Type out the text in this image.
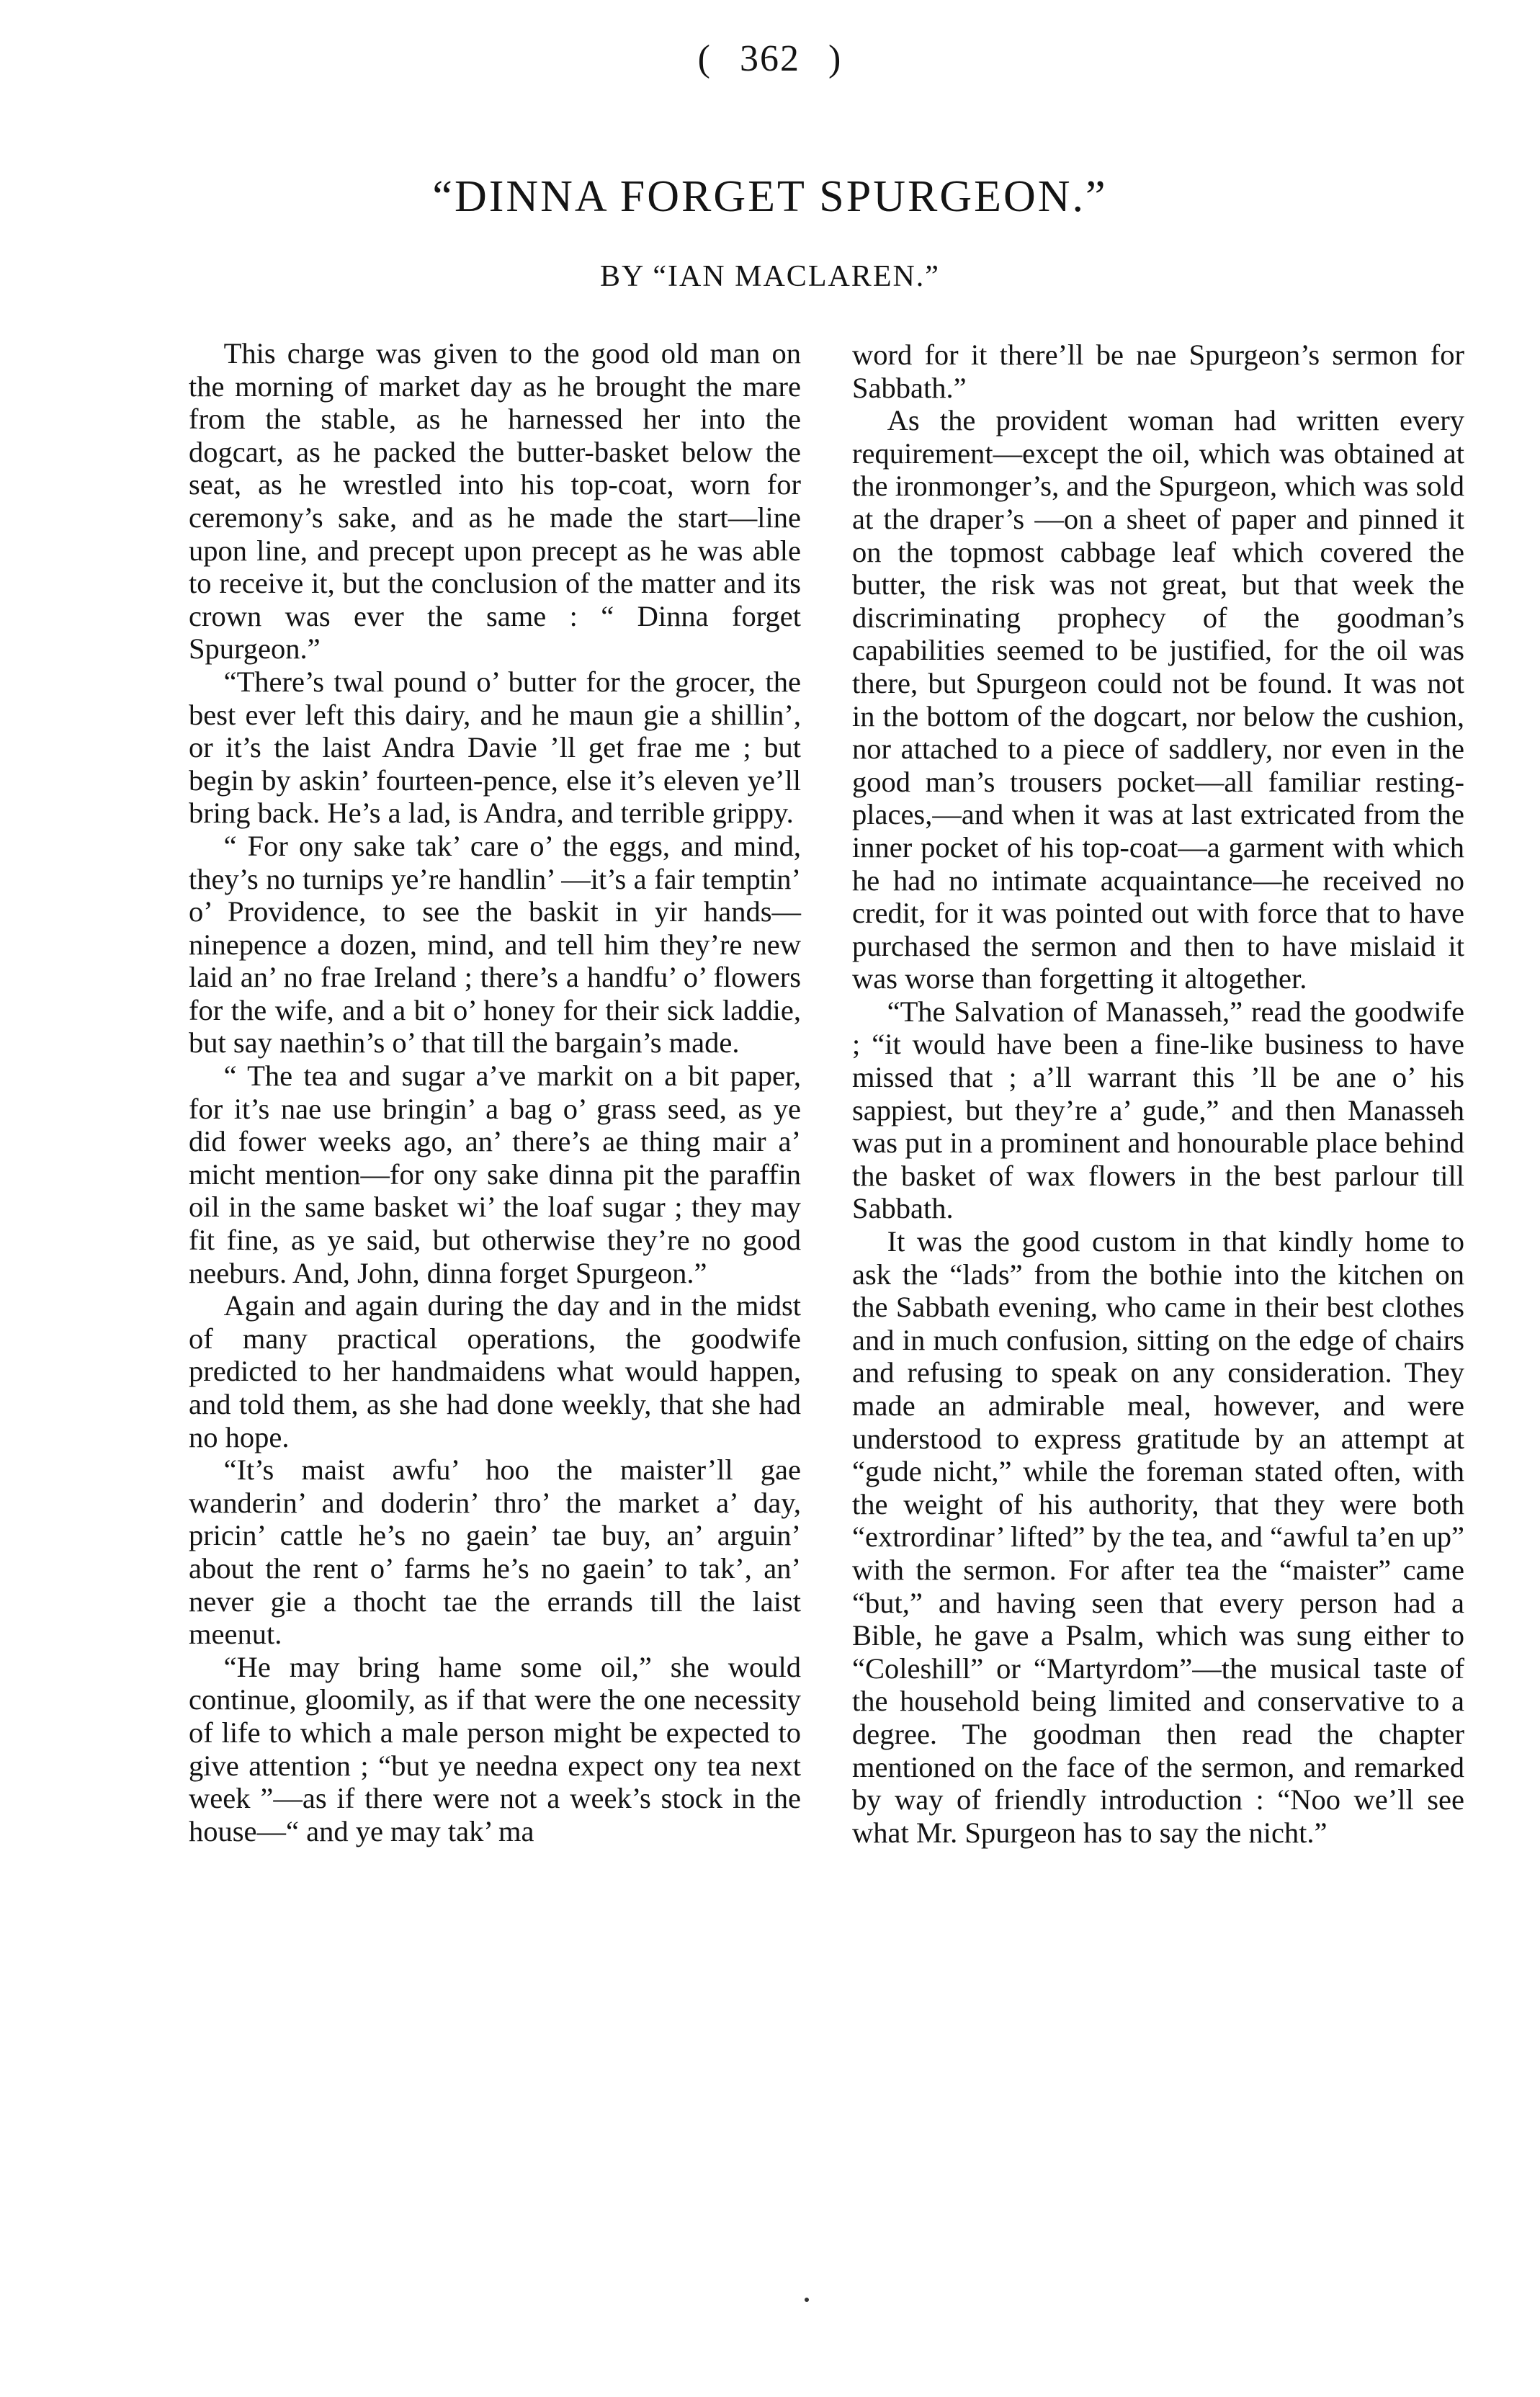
( 362 )
“DINNA FORGET SPURGEON.”
BY “IAN MACLAREN.”

This charge was given to the good old man on the morning of market day as he brought the mare from the stable, as he harnessed her into the dogcart, as he packed the butter-basket below the seat, as he wrestled into his top-coat, worn for ceremony’s sake, and as he made the start—line upon line, and precept upon precept as he was able to receive it, but the conclusion of the matter and its crown was ever the same : “ Dinna forget Spurgeon.”

“There’s twal pound o’ butter for the grocer, the best ever left this dairy, and he maun gie a shillin’, or it’s the laist Andra Davie ’ll get frae me ; but begin by askin’ fourteen-pence, else it’s eleven ye’ll bring back. He’s a lad, is Andra, and terrible grippy.

“ For ony sake tak’ care o’ the eggs, and mind, they’s no turnips ye’re handlin’ —it’s a fair temptin’ o’ Providence, to see the baskit in yir hands—ninepence a dozen, mind, and tell him they’re new laid an’ no frae Ireland ; there’s a handfu’ o’ flowers for the wife, and a bit o’ honey for their sick laddie, but say naethin’s o’ that till the bargain’s made.

“ The tea and sugar a’ve markit on a bit paper, for it’s nae use bringin’ a bag o’ grass seed, as ye did fower weeks ago, an’ there’s ae thing mair a’ micht mention—for ony sake dinna pit the paraffin oil in the same basket wi’ the loaf sugar ; they may fit fine, as ye said, but otherwise they’re no good neeburs. And, John, dinna forget Spurgeon.”

Again and again during the day and in the midst of many practical operations, the goodwife predicted to her handmaidens what would happen, and told them, as she had done weekly, that she had no hope.

“It’s maist awfu’ hoo the maister’ll gae wanderin’ and doderin’ thro’ the market a’ day, pricin’ cattle he’s no gaein’ tae buy, an’ arguin’ about the rent o’ farms he’s no gaein’ to tak’, an’ never gie a thocht tae the errands till the laist meenut.

“He may bring hame some oil,” she would continue, gloomily, as if that were the one necessity of life to which a male person might be expected to give attention ; “but ye needna expect ony tea next week ”—as if there were not a week’s stock in the house—“ and ye may tak’ ma

word for it there’ll be nae Spurgeon’s sermon for Sabbath.”

As the provident woman had written every requirement—except the oil, which was obtained at the ironmonger’s, and the Spurgeon, which was sold at the draper’s —on a sheet of paper and pinned it on the topmost cabbage leaf which covered the butter, the risk was not great, but that week the discriminating prophecy of the goodman’s capabilities seemed to be justified, for the oil was there, but Spurgeon could not be found. It was not in the bottom of the dogcart, nor below the cushion, nor attached to a piece of saddlery, nor even in the good man’s trousers pocket—all familiar resting-places,—and when it was at last extricated from the inner pocket of his top-coat—a garment with which he had no intimate acquaintance—he received no credit, for it was pointed out with force that to have purchased the sermon and then to have mislaid it was worse than forgetting it altogether.

“The Salvation of Manasseh,” read the goodwife ; “it would have been a fine-like business to have missed that ; a’ll warrant this ’ll be ane o’ his sappiest, but they’re a’ gude,” and then Manasseh was put in a prominent and honourable place behind the basket of wax flowers in the best parlour till Sabbath.

It was the good custom in that kindly home to ask the “lads” from the bothie into the kitchen on the Sabbath evening, who came in their best clothes and in much confusion, sitting on the edge of chairs and refusing to speak on any consideration. They made an admirable meal, however, and were understood to express gratitude by an attempt at “gude nicht,” while the foreman stated often, with the weight of his authority, that they were both “extrordinar’ lifted” by the tea, and “awful ta’en up” with the sermon. For after tea the “maister” came “but,” and having seen that every person had a Bible, he gave a Psalm, which was sung either to “Coleshill” or “Martyrdom”—the musical taste of the household being limited and conservative to a degree. The goodman then read the chapter mentioned on the face of the sermon, and remarked by way of friendly introduction : “Noo we’ll see what Mr. Spurgeon has to say the nicht.”
